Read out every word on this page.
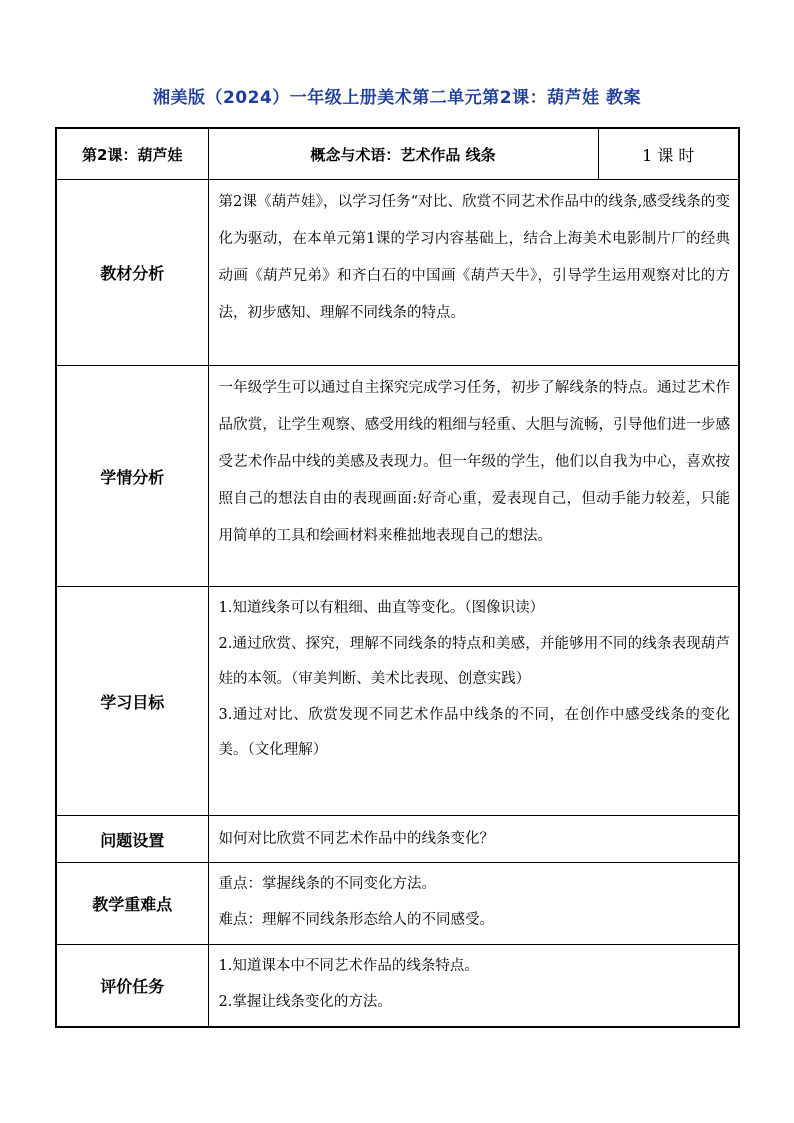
湘美版（2024）一年级上册美术第二单元第2课：葫芦娃 教案
第2课：葫芦娃	概念与术语：艺术作品 线条	1 课 时
教材分析	第2课《葫芦娃》，以学习任务“对比、欣赏不同艺术作品中的线条,感受线条的变化为驱动，在本单元第1课的学习内容基础上，结合上海美术电影制片厂的经典动画《葫芦兄弟》和齐白石的中国画《葫芦天牛》，引导学生运用观察对比的方法，初步感知、理解不同线条的特点。	

学情分析	一年级学生可以通过自主探究完成学习任务，初步了解线条的特点。通过艺术作品欣赏，让学生观察、感受用线的粗细与轻重、大胆与流畅，引导他们进一步感受艺术作品中线的美感及表现力。但一年级的学生，他们以自我为中心，喜欢按照自己的想法自由的表现画面:好奇心重，爱表现自己，但动手能力较差，只能用简单的工具和绘画材料来稚拙地表现自己的想法。	

学习目标	1.知道线条可以有粗细、曲直等变化。（图像识读）

2.通过欣赏、探究，理解不同线条的特点和美感，并能够用不同的线条表现葫芦娃的本领。（审美判断、美术比表现、创意实践）

3.通过对比、欣赏发现不同艺术作品中线条的不同，在创作中感受线条的变化美。（文化理解）	

问题设置	如何对比欣赏不同艺术作品中的线条变化？	

教学重难点	重点：掌握线条的不同变化方法。

难点：理解不同线条形态给人的不同感受。	

评价任务	1.知道课本中不同艺术作品的线条特点。

2.掌握让线条变化的方法。	
